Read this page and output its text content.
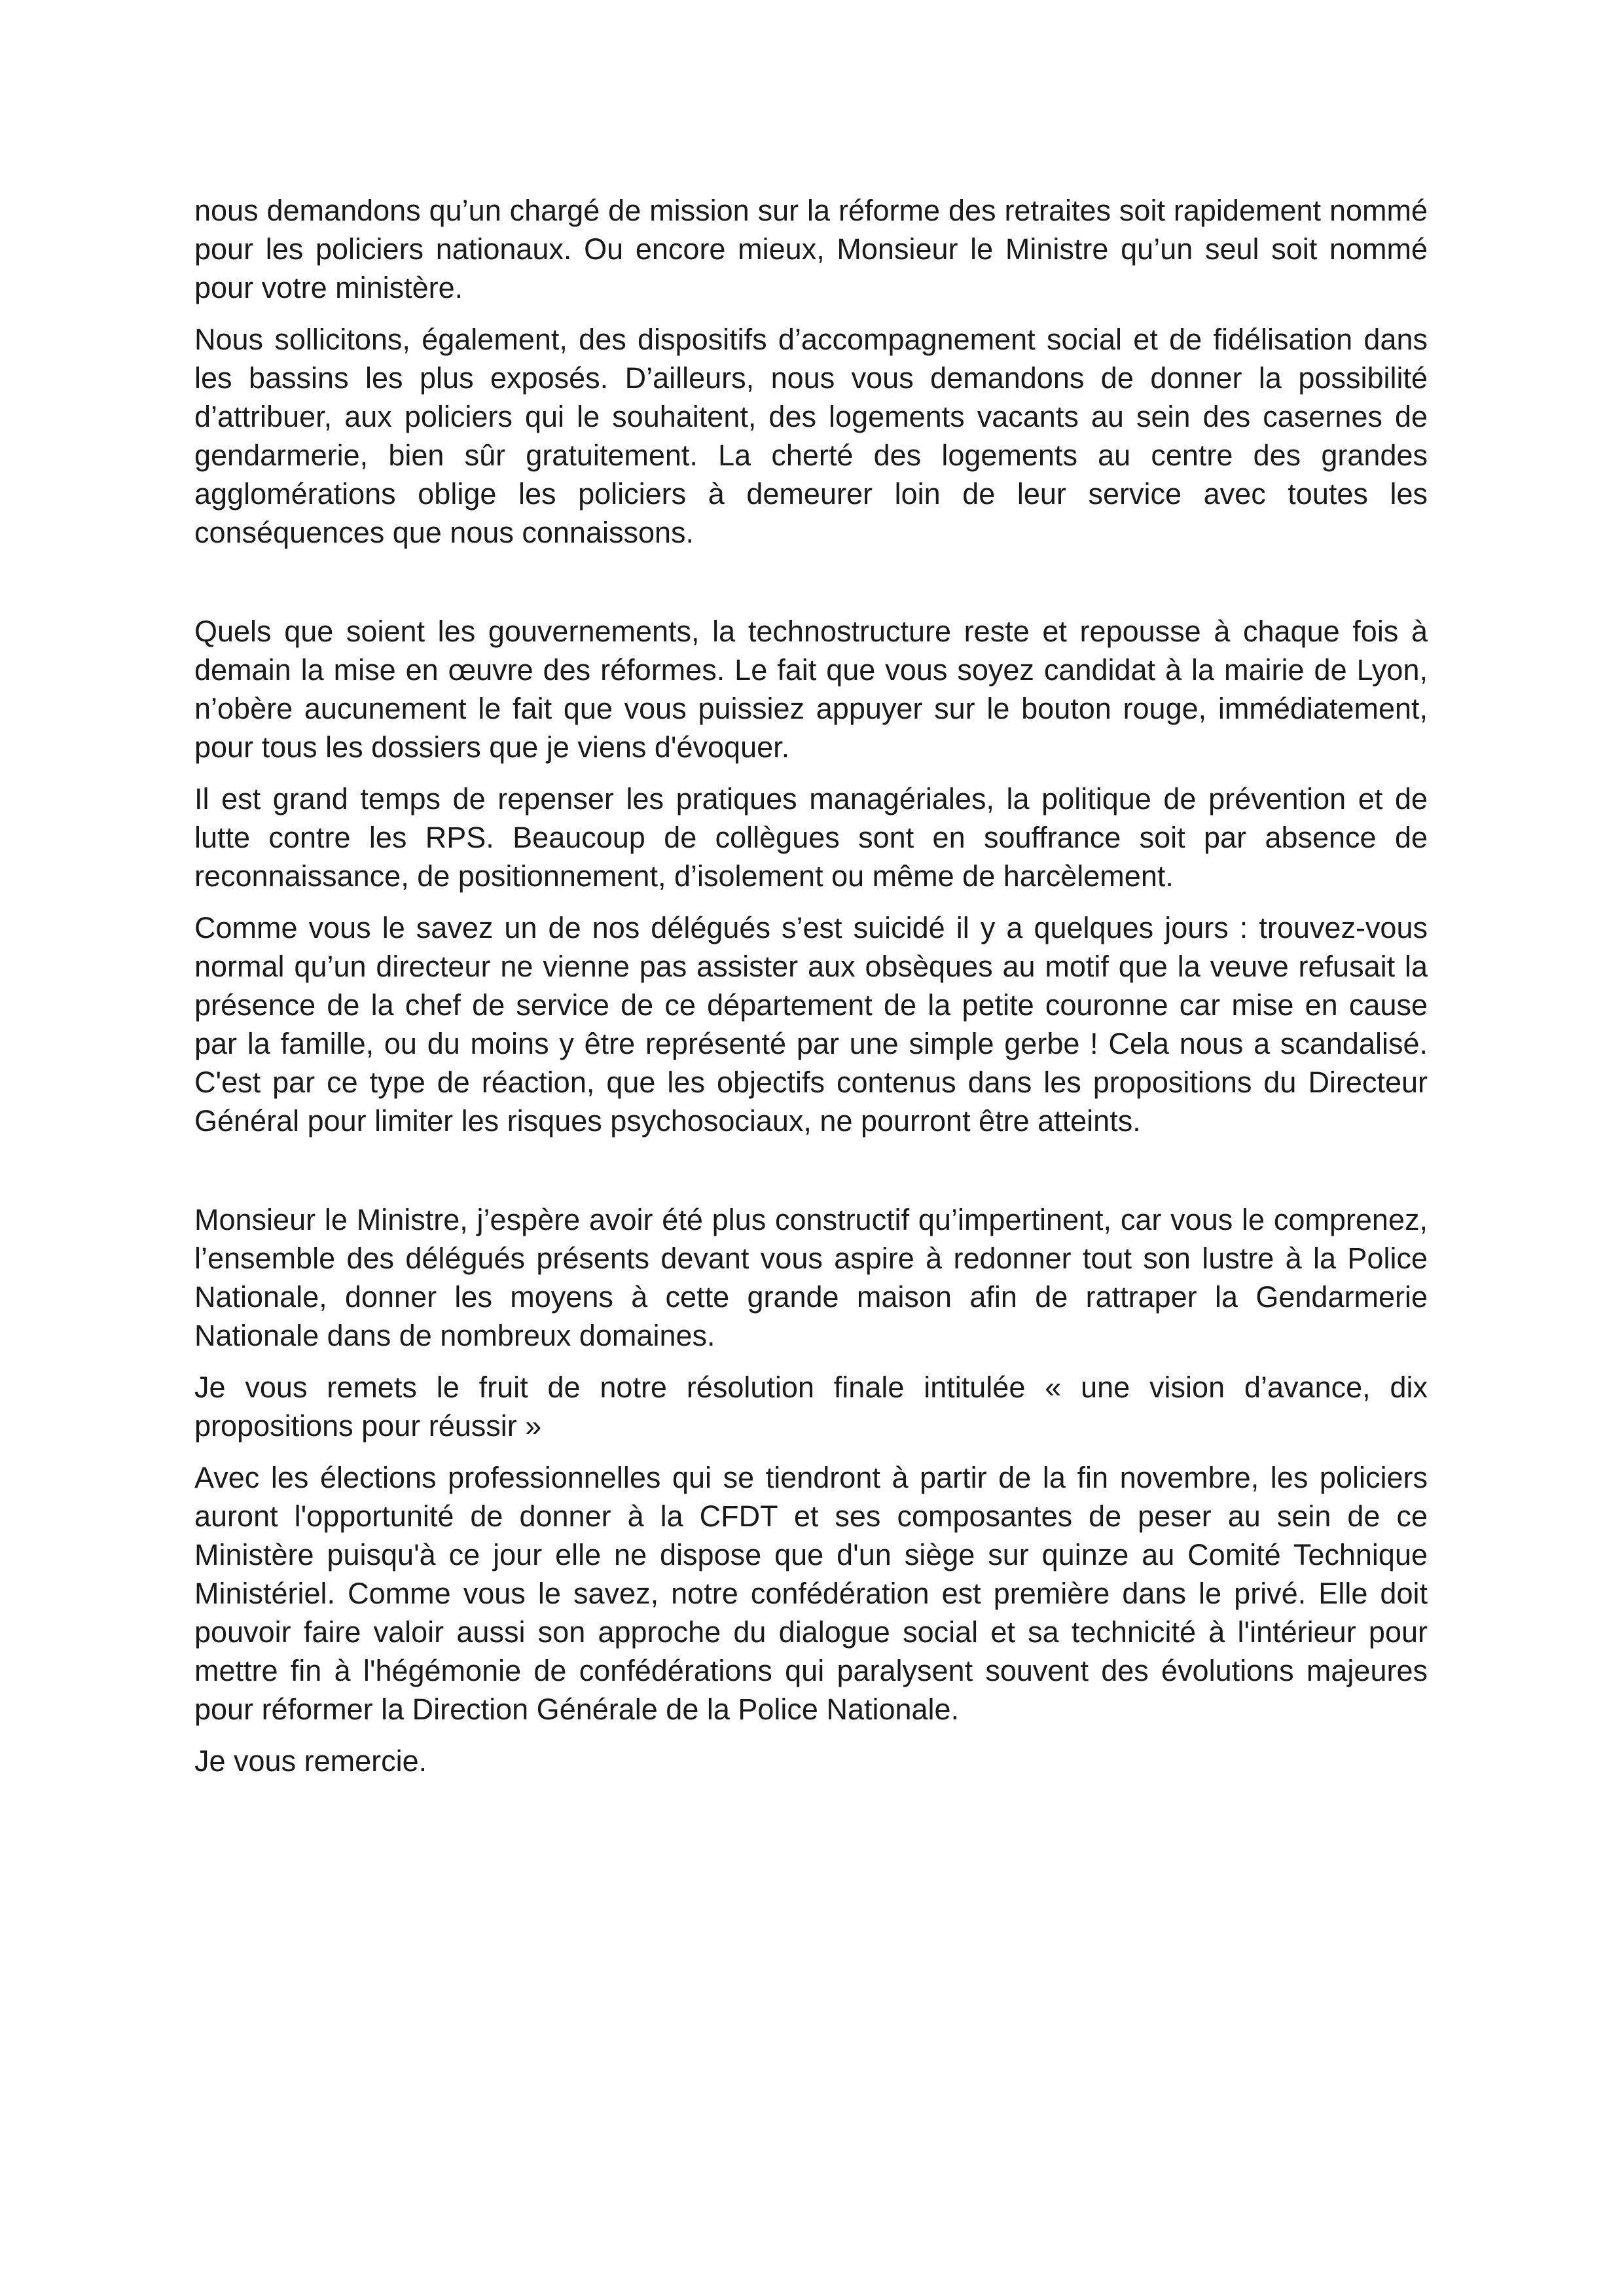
nous demandons qu’un chargé de mission sur la réforme des retraites soit rapidement nommé pour les policiers nationaux. Ou encore mieux, Monsieur le Ministre qu’un seul soit nommé pour votre ministère.

Nous sollicitons, également, des dispositifs d’accompagnement social et de fidélisation dans les bassins les plus exposés. D’ailleurs, nous vous demandons de donner la possibilité d’attribuer, aux policiers qui le souhaitent, des logements vacants au sein des casernes de gendarmerie, bien sûr gratuitement. La cherté des logements au centre des grandes agglomérations oblige les policiers à demeurer loin de leur service avec toutes les conséquences que nous connaissons.

Quels que soient les gouvernements, la technostructure reste et repousse à chaque fois à demain la mise en œuvre des réformes. Le fait que vous soyez candidat à la mairie de Lyon, n’obère aucunement le fait que vous puissiez appuyer sur le bouton rouge, immédiatement, pour tous les dossiers que je viens d'évoquer.

Il est grand temps de repenser les pratiques managériales, la politique de prévention et de lutte contre les RPS. Beaucoup de collègues sont en souffrance soit par absence de reconnaissance, de positionnement, d’isolement ou même de harcèlement.

Comme vous le savez un de nos délégués s’est suicidé il y a quelques jours : trouvez-vous normal qu’un directeur ne vienne pas assister aux obsèques au motif que la veuve refusait la présence de la chef de service de ce département de la petite couronne car mise en cause par la famille, ou du moins y être représenté par une simple gerbe ! Cela nous a scandalisé. C'est par ce type de réaction, que les objectifs contenus dans les propositions du Directeur Général pour limiter les risques psychosociaux, ne pourront être atteints.

Monsieur le Ministre, j’espère avoir été plus constructif qu’impertinent, car vous le comprenez, l’ensemble des délégués présents devant vous aspire à redonner tout son lustre à la Police Nationale, donner les moyens à cette grande maison afin de rattraper la Gendarmerie Nationale dans de nombreux domaines.

Je vous remets le fruit de notre résolution finale intitulée « une vision d’avance, dix propositions pour réussir »

Avec les élections professionnelles qui se tiendront à partir de la fin novembre, les policiers auront l'opportunité de donner à la CFDT et ses composantes de peser au sein de ce Ministère puisqu'à ce jour elle ne dispose que d'un siège sur quinze au Comité Technique Ministériel. Comme vous le savez, notre confédération est première dans le privé. Elle doit pouvoir faire valoir aussi son approche du dialogue social et sa technicité à l'intérieur pour mettre fin à l'hégémonie de confédérations qui paralysent souvent des évolutions majeures pour réformer la Direction Générale de la Police Nationale.

Je vous remercie.
